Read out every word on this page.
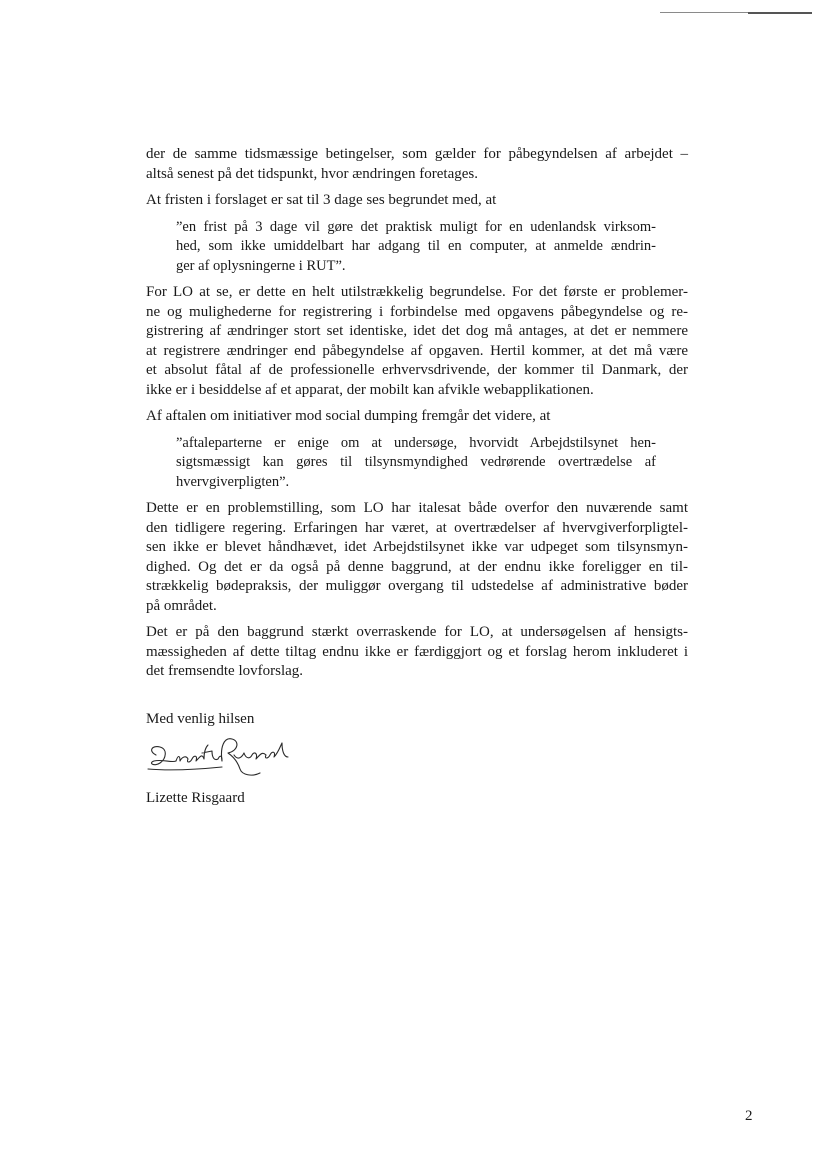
der de samme tidsmæssige betingelser, som gælder for påbegyndelsen af arbejdet –
altså senest på det tidspunkt, hvor ændringen foretages.
At fristen i forslaget er sat til 3 dage ses begrundet med, at
”en frist på 3 dage vil gøre det praktisk muligt for en udenlandsk virksom-
hed, som ikke umiddelbart har adgang til en computer, at anmelde ændrin-
ger af oplysningerne i RUT”.
For LO at se, er dette en helt utilstrækkelig begrundelse. For det første er problemer-
ne og mulighederne for registrering i forbindelse med opgavens påbegyndelse og re-
gistrering af ændringer stort set identiske, idet det dog må antages, at det er nemmere
at registrere ændringer end påbegyndelse af opgaven. Hertil kommer, at det må være
et absolut fåtal af de professionelle erhvervsdrivende, der kommer til Danmark, der
ikke er i besiddelse af et apparat, der mobilt kan afvikle webapplikationen.
Af aftalen om initiativer mod social dumping fremgår det videre, at
”aftaleparterne er enige om at undersøge, hvorvidt Arbejdstilsynet hen-
sigtsmæssigt kan gøres til tilsynsmyndighed vedrørende overtrædelse af
hvervgiverpligten”.
Dette er en problemstilling, som LO har italesat både overfor den nuværende samt
den tidligere regering. Erfaringen har været, at overtrædelser af hvervgiverforpligtel-
sen ikke er blevet håndhævet, idet Arbejdstilsynet ikke var udpeget som tilsynsmyn-
dighed. Og det er da også på denne baggrund, at der endnu ikke foreligger en til-
strækkelig bødepraksis, der muliggør overgang til udstedelse af administrative bøder
på området.
Det er på den baggrund stærkt overraskende for LO, at undersøgelsen af hensigts-
mæssigheden af dette tiltag endnu ikke er færdiggjort og et forslag herom inkluderet i
det fremsendte lovforslag.
Med venlig hilsen
Lizette Risgaard
2
